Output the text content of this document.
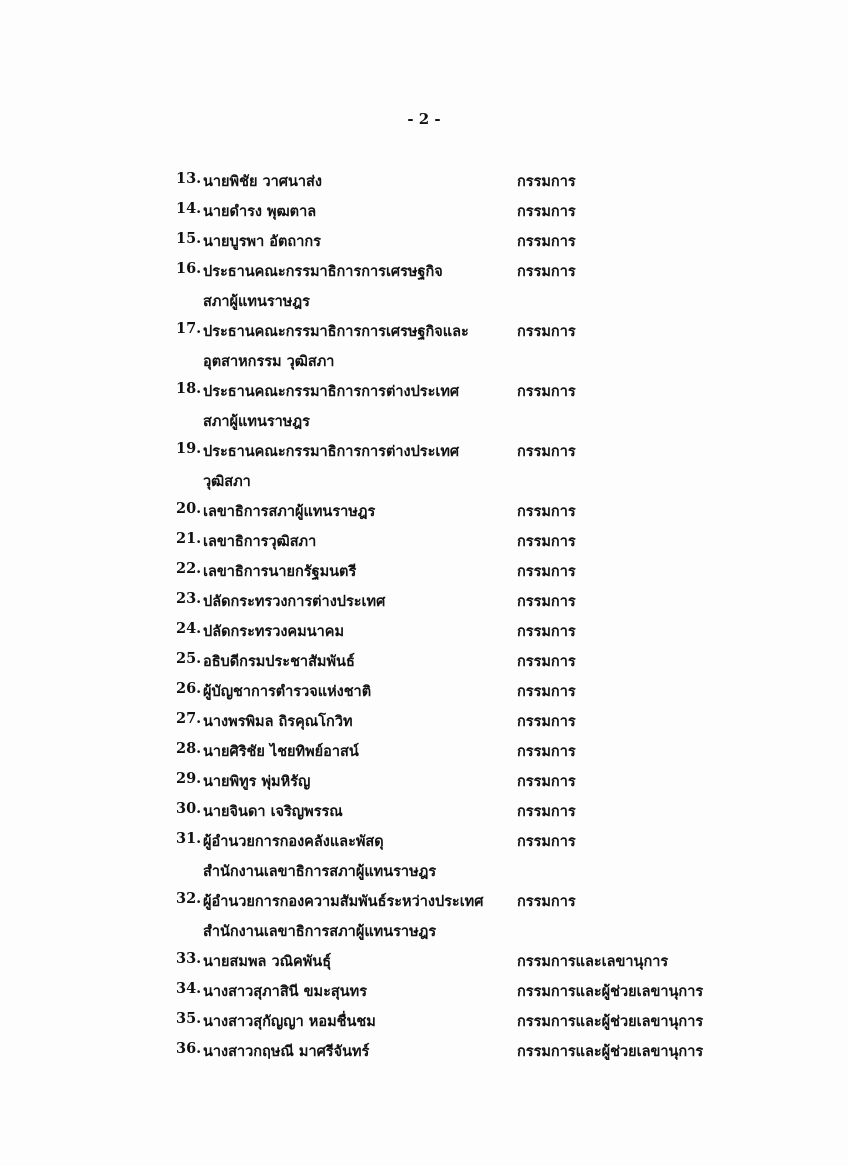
- 2 -
13. นายพิชัย วาศนาส่ง	กรรมการ
14. นายดำรง พุฒตาล	กรรมการ
15. นายบูรพา อัตถากร	กรรมการ
16. ประธานคณะกรรมาธิการการเศรษฐกิจ	กรรมการ
สภาผู้แทนราษฎร
17. ประธานคณะกรรมาธิการการเศรษฐกิจและ	กรรมการ
อุตสาหกรรม วุฒิสภา
18. ประธานคณะกรรมาธิการการต่างประเทศ	กรรมการ
สภาผู้แทนราษฎร
19. ประธานคณะกรรมาธิการการต่างประเทศ	กรรมการ
วุฒิสภา
20. เลขาธิการสภาผู้แทนราษฎร	กรรมการ
21. เลขาธิการวุฒิสภา	กรรมการ
22. เลขาธิการนายกรัฐมนตรี	กรรมการ
23. ปลัดกระทรวงการต่างประเทศ	กรรมการ
24. ปลัดกระทรวงคมนาคม	กรรมการ
25. อธิบดีกรมประชาสัมพันธ์	กรรมการ
26. ผู้บัญชาการตำรวจแห่งชาติ	กรรมการ
27. นางพรพิมล ถิรคุณโกวิท	กรรมการ
28. นายศิริชัย ไชยทิพย์อาสน์	กรรมการ
29. นายพิทูร พุ่มหิรัญ	กรรมการ
30. นายจินดา เจริญพรรณ	กรรมการ
31. ผู้อำนวยการกองคลังและพัสดุ	กรรมการ
สำนักงานเลขาธิการสภาผู้แทนราษฎร
32. ผู้อำนวยการกองความสัมพันธ์ระหว่างประเทศ กรรมการ
สำนักงานเลขาธิการสภาผู้แทนราษฎร
33. นายสมพล วณิคพันธุ์	กรรมการและเลขานุการ
34. นางสาวสุภาสินี ขมะสุนทร	กรรมการและผู้ช่วยเลขานุการ
35. นางสาวสุกัญญา หอมชื่นชม	กรรมการและผู้ช่วยเลขานุการ
36. นางสาวกฤษณี มาศรีจันทร์	กรรมการและผู้ช่วยเลขานุการ
